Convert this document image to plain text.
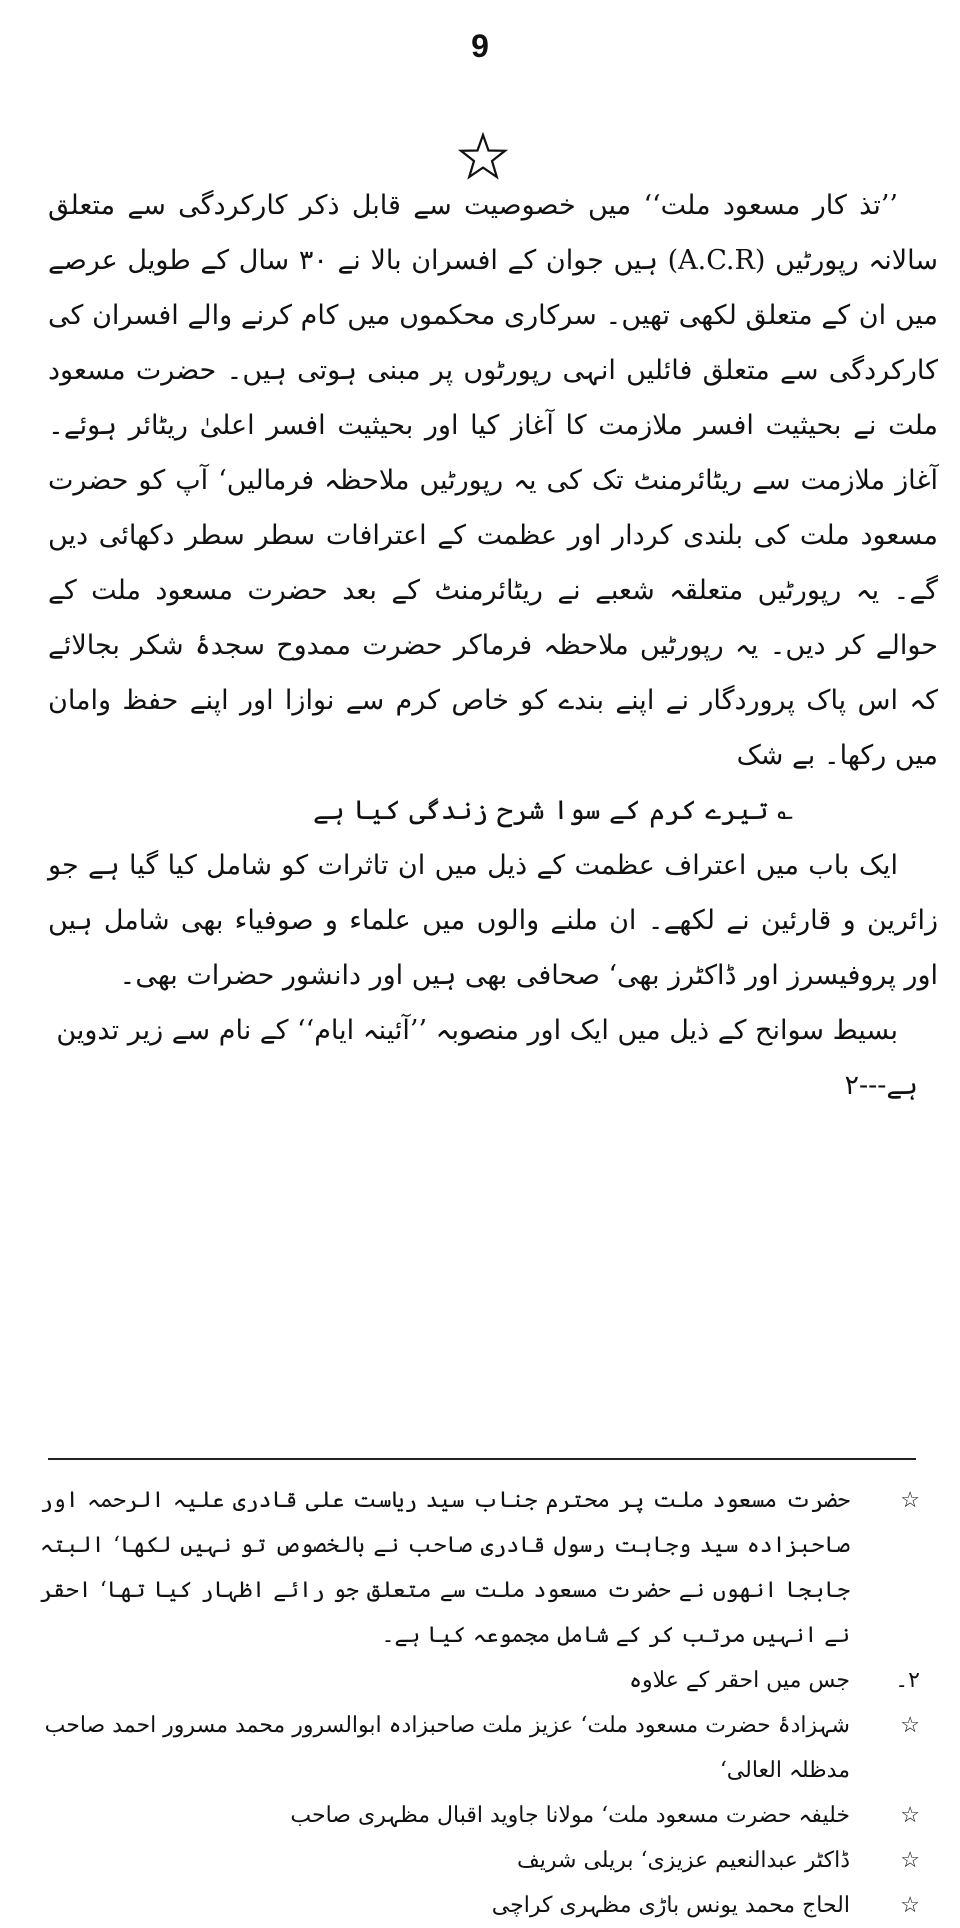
9

’’تذ کار مسعود ملت‘‘ میں خصوصیت سے قابل ذکر کارکردگی سے متعلق سالانہ رپورٹیں (A.C.R) ہیں جوان کے افسران بالا نے ۳۰ سال کے طویل عرصے میں ان کے متعلق لکھی تھیں۔ سرکاری محکموں میں کام کرنے والے افسران کی کارکردگی سے متعلق فائلیں انہی رپورٹوں پر مبنی ہوتی ہیں۔ حضرت مسعود ملت نے بحیثیت افسر ملازمت کا آغاز کیا اور بحیثیت افسر اعلیٰ ریٹائر ہوئے۔ آغاز ملازمت سے ریٹائرمنٹ تک کی یہ رپورٹیں ملاحظہ فرمالیں‘ آپ کو حضرت مسعود ملت کی بلندی کردار اور عظمت کے اعترافات سطر سطر دکھائی دیں گے۔ یہ رپورٹیں متعلقہ شعبے نے ریٹائرمنٹ کے بعد حضرت مسعود ملت کے حوالے کر دیں۔ یہ رپورٹیں ملاحظہ فرماکر حضرت ممدوح سجدۂ شکر بجالائے کہ اس پاک پروردگار نے اپنے بندے کو خاص کرم سے نوازا اور اپنے حفظ وامان میں رکھا۔ بے شک

؎ تیرے کرم کے سوا شرح زندگی کیا ہے

ایک باب میں اعتراف عظمت کے ذیل میں ان تاثرات کو شامل کیا گیا ہے جو زائرین و قارئین نے لکھے۔ ان ملنے والوں میں علماء و صوفیاء بھی شامل ہیں اور پروفیسرز اور ڈاکٹرز بھی‘ صحافی بھی ہیں اور دانشور حضرات بھی۔

بسیط سوانح کے ذیل میں ایک اور منصوبہ ’’آئینہ ایام‘‘ کے نام سے زیر تدوین

ہے---۲

☆
حضرت مسعود ملت پر محترم جناب سید ریاست علی قادری علیہ الرحمہ اور صاحبزادہ سید وجاہت رسول قادری صاحب نے بالخصوص تو نہیں لکھا‘ البتہ جابجا انھوں نے حضرت مسعود ملت سے متعلق جو رائے اظہار کیا تھا‘ احقر نے انہیں مرتب کر کے شامل مجموعہ کیا ہے۔
۲۔
جس میں احقر کے علاوہ
☆
شہزادۂ حضرت مسعود ملت‘ عزیز ملت صاحبزادہ ابوالسرور محمد مسرور احمد صاحب مدظلہ العالی‘
☆
خلیفہ حضرت مسعود ملت‘ مولانا جاوید اقبال مظہری صاحب
☆
ڈاکٹر عبدالنعیم عزیزی‘ بریلی شریف
☆
الحاج محمد یونس باڑی مظہری کراچی
